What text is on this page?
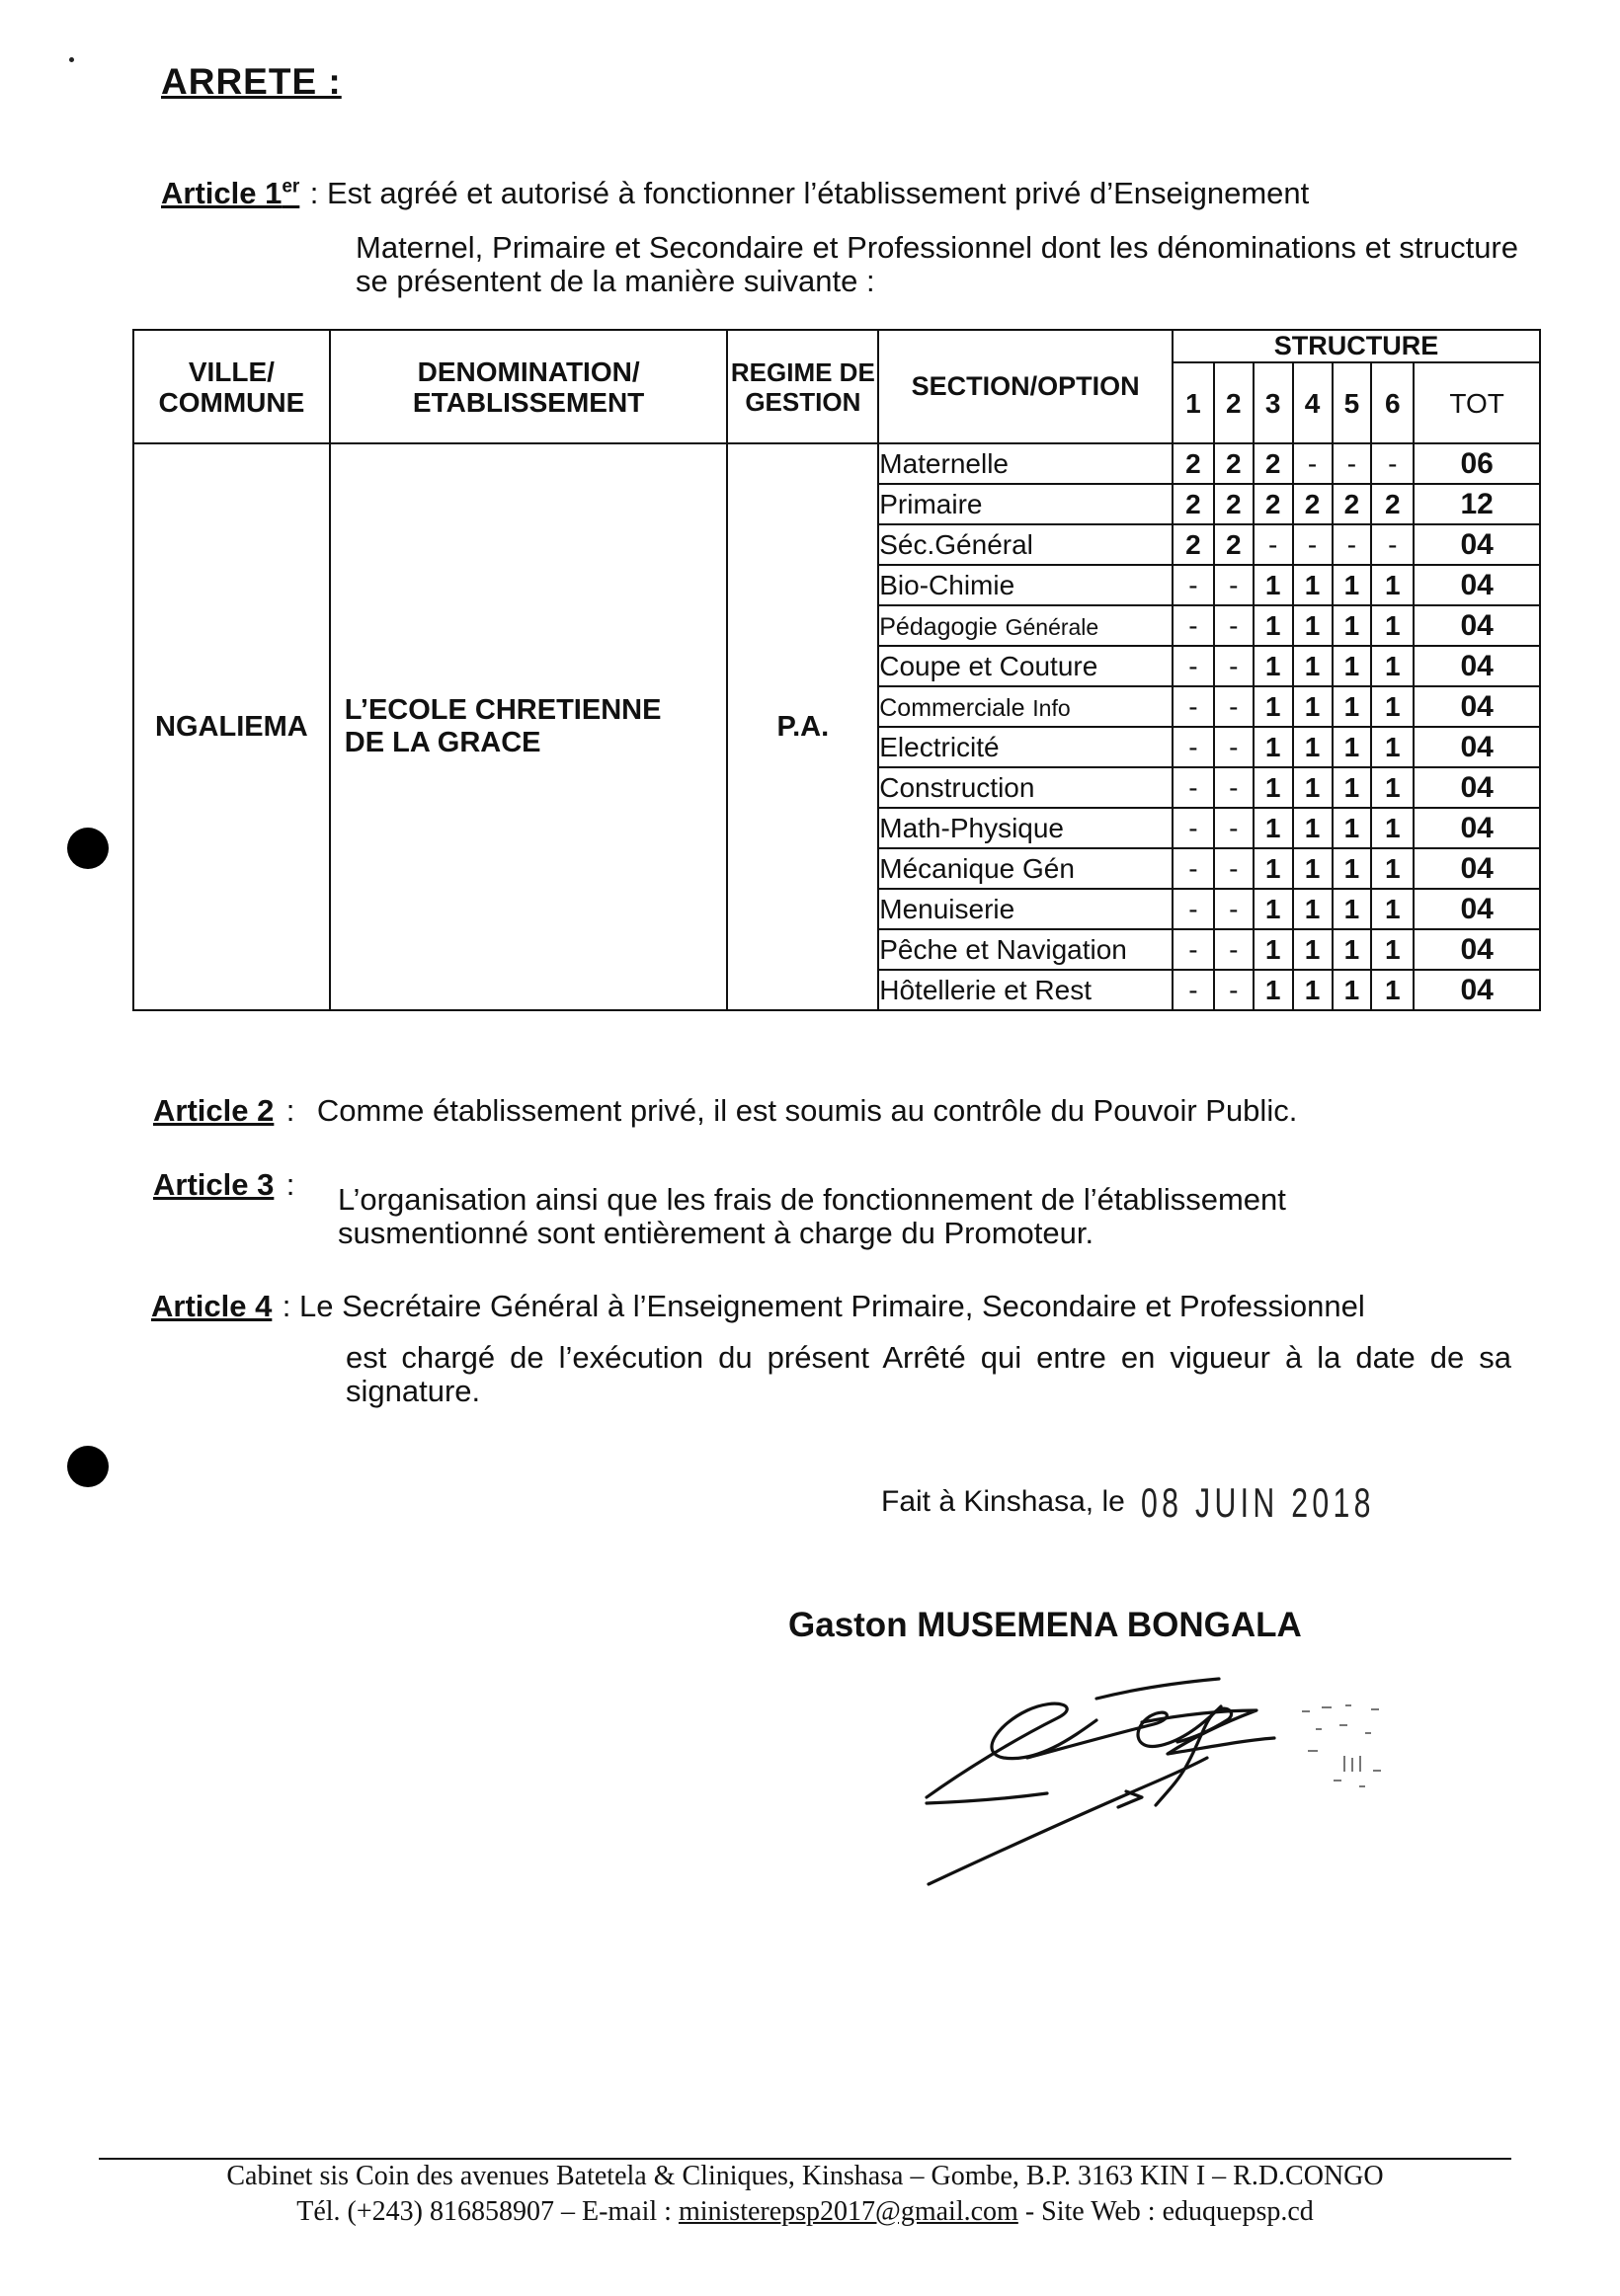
ARRETE :
Article 1er : Est agréé et autorisé à fonctionner l’établissement privé d’Enseignement
Maternel, Primaire et Secondaire et Professionnel dont les dénominations et structure se présentent de la manière suivante :
VILLE/ COMMUNE	DENOMINATION/ ETABLISSEMENT	REGIME DE GESTION	SECTION/OPTION	STRUCTURE						
				1	2	3	4	5	6	TOT
NGALIEMA	L’ECOLE CHRETIENNE DE LA GRACE	P.A.	Maternelle	2	2	2	-	-	-	06
			Primaire	2	2	2	2	2	2	12
			Séc.Général	2	2	-	-	-	-	04
			Bio-Chimie	-	-	1	1	1	1	04
			Pédagogie Générale	-	-	1	1	1	1	04
			Coupe et Couture	-	-	1	1	1	1	04
			Commerciale Info	-	-	1	1	1	1	04
			Electricité	-	-	1	1	1	1	04
			Construction	-	-	1	1	1	1	04
			Math-Physique	-	-	1	1	1	1	04
			Mécanique Gén	-	-	1	1	1	1	04
			Menuiserie	-	-	1	1	1	1	04
			Pêche et Navigation	-	-	1	1	1	1	04
			Hôtellerie et Rest	-	-	1	1	1	1	04
Article 2 : Comme établissement privé, il est soumis au contrôle du Pouvoir Public.
Article 3 :	L’organisation ainsi que les frais de fonctionnement de l’établissement susmentionné sont entièrement à charge du Promoteur.
Article 4 : Le Secrétaire Général à l’Enseignement Primaire, Secondaire et Professionnel
est chargé de l’exécution du présent Arrêté qui entre en vigueur à la date de sa signature.
Fait à Kinshasa, le 08 JUIN 2018
Gaston MUSEMENA BONGALA
Cabinet sis Coin des avenues Batetela & Cliniques, Kinshasa – Gombe, B.P. 3163 KIN I – R.D.CONGO
Tél. (+243) 816858907 – E-mail : ministerepsp2017@gmail.com - Site Web : eduquepsp.cd
